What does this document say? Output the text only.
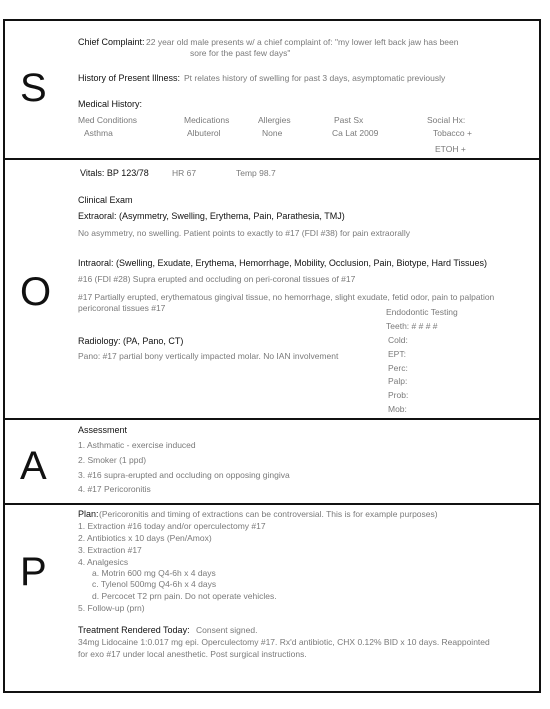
S
O
A
P
Chief Complaint: 22 year old male presents w/ a chief complaint of: "my lower left back jaw has been
sore for the past few days"
History of Present Illness: Pt relates history of swelling for past 3 days, asymptomatic previously
Medical History:
Med Conditions	Medications	Allergies	Past Sx	Social Hx:
Asthma	Albuterol	None	Ca Lat 2009	Tobacco +
ETOH +
Vitals: BP 123/78	HR 67	Temp 98.7
Clinical Exam
Extraoral: (Asymmetry, Swelling, Erythema, Pain, Parathesia, TMJ)
No asymmetry, no swelling. Patient points to exactly to #17 (FDI #38) for pain extraorally
Intraoral: (Swelling, Exudate, Erythema, Hemorrhage, Mobility, Occlusion, Pain, Biotype, Hard Tissues)
#16 (FDI #28) Supra erupted and occluding on peri-coronal tissues of #17
#17 Partially erupted, erythematous gingival tissue, no hemorrhage, slight exudate, fetid odor, pain to palpation
pericoronal tissues #17
Radiology: (PA, Pano, CT)
Pano: #17 partial bony vertically impacted molar. No IAN involvement
Endodontic Testing
Teeth: # # # #
Cold:
EPT:
Perc:
Palp:
Prob:
Mob:
Assessment
1. Asthmatic - exercise induced
2. Smoker (1 ppd)
3. #16 supra-erupted and occluding on opposing gingiva
4. #17 Pericoronitis
Plan: (Pericoronitis and timing of extractions can be controversial. This is for example purposes)
1. Extraction #16 today and/or operculectomy #17
2. Antibiotics x 10 days (Pen/Amox)
3. Extraction #17
4. Analgesics
a. Motrin 600 mg Q4-6h x 4 days
c. Tylenol 500mg Q4-6h x 4 days
d. Percocet T2 prn pain. Do not operate vehicles.
5. Follow-up (prn)
Treatment Rendered Today: Consent signed.
34mg Lidocaine 1:0.017 mg epi. Operculectomy #17. Rx'd antibiotic, CHX 0.12% BID x 10 days. Reappointed
for exo #17 under local anesthetic. Post surgical instructions.
